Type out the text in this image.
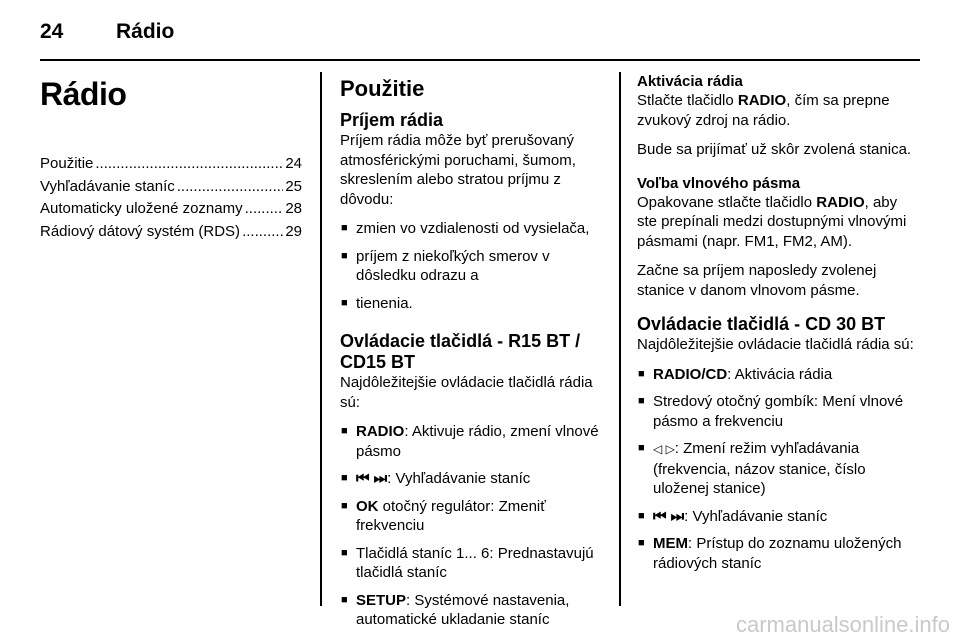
24	Rádio
Rádio
Použitie .....	24
Vyhľadávanie staníc .....	25
Automaticky uložené zoznamy .....	28
Rádiový dátový systém (RDS) .....	29
Použitie
Príjem rádia

Príjem rádia môže byť prerušovaný atmosférickými poruchami, šumom, skreslením alebo stratou príjmu z dôvodu:

■ zmien vo vzdialenosti od vysielača,
■ príjem z niekoľkých smerov v dôsledku odrazu a
■ tienenia.
Ovládacie tlačidlá - R15 BT / CD15 BT

Najdôležitejšie ovládacie tlačidlá rádia sú:

■ RADIO: Aktivuje rádio, zmení vlnové pásmo
■ ⏮ ⏭: Vyhľadávanie staníc
■ OK otočný regulátor: Zmeniť frekvenciu
■ Tlačidlá staníc 1... 6: Prednastavujú tlačidlá staníc
■ SETUP: Systémové nastavenia, automatické ukladanie staníc
Aktivácia rádia

Stlačte tlačidlo RADIO, čím sa prepne zvukový zdroj na rádio.

Bude sa prijímať už skôr zvolená stanica.

Voľba vlnového pásma

Opakovane stlačte tlačidlo RADIO, aby ste prepínali medzi dostupnými vlnovými pásmami (napr. FM1, FM2, AM).

Začne sa príjem naposledy zvolenej stanice v danom vlnovom pásme.

Ovládacie tlačidlá - CD 30 BT

Najdôležitejšie ovládacie tlačidlá rádia sú:

■ RADIO/CD: Aktivácia rádia
■ Stredový otočný gombík: Mení vlnové pásmo a frekvenciu
■ ◁ ▷: Zmení režim vyhľadávania (frekvencia, názov stanice, číslo uloženej stanice)
■ ⏮ ⏭: Vyhľadávanie staníc
■ MEM: Prístup do zoznamu uložených rádiových staníc
carmanualsonline.info
